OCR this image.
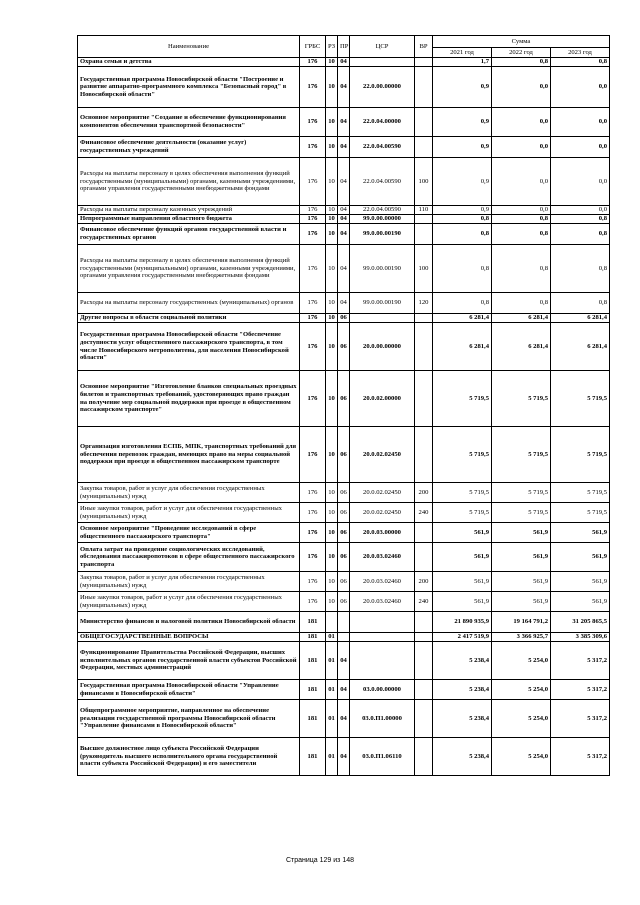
Наименование	ГРБС	РЗ	ПР	ЦСР	ВР	Сумма		
						2021 год	2022 год	2023 год
Охрана семьи и детства	176	10	04			1,7	0,8	0,8
Государственная программа Новосибирской области "Построение и развитие аппаратно-программного комплекса "Безопасный город" в Новосибирской области"	176	10	04	22.0.00.00000		0,9	0,0	0,0
Основное мероприятие "Создание и обеспечение функционирования компонентов обеспечения транспортной безопасности"	176	10	04	22.0.04.00000		0,9	0,0	0,0
Финансовое обеспечение деятельности (оказание услуг) государственных учреждений	176	10	04	22.0.04.00590		0,9	0,0	0,0
Расходы на выплаты персоналу в целях обеспечения выполнения функций государственными (муниципальными) органами, казенными учреждениями, органами управления государственными внебюджетными фондами	176	10	04	22.0.04.00590	100	0,9	0,0	0,0
Расходы на выплаты персоналу казенных учреждений	176	10	04	22.0.04.00590	110	0,9	0,0	0,0
Непрограммные направления областного бюджета	176	10	04	99.0.00.00000		0,8	0,8	0,8
Финансовое обеспечение функций органов государственной власти и государственных органов	176	10	04	99.0.00.00190		0,8	0,8	0,8
Расходы на выплаты персоналу в целях обеспечения выполнения функций государственными (муниципальными) органами, казенными учреждениями, органами управления государственными внебюджетными фондами	176	10	04	99.0.00.00190	100	0,8	0,8	0,8
Расходы на выплаты персоналу государственных (муниципальных) органов	176	10	04	99.0.00.00190	120	0,8	0,8	0,8
Другие вопросы в области социальной политики	176	10	06			6 281,4	6 281,4	6 281,4
Государственная программа Новосибирской области "Обеспечение доступности услуг общественного пассажирского транспорта, в том числе Новосибирского метрополитена, для населения Новосибирской области"	176	10	06	20.0.00.00000		6 281,4	6 281,4	6 281,4
Основное мероприятие "Изготовление бланков специальных проездных билетов и транспортных требований, удостоверяющих право граждан на получение мер социальной поддержки при проезде в общественном пассажирском транспорте"	176	10	06	20.0.02.00000		5 719,5	5 719,5	5 719,5
Организация изготовления ЕСПБ, МПК, транспортных требований для обеспечения перевозок граждан, имеющих право на меры социальной поддержки при проезде в общественном пассажирском транспорте	176	10	06	20.0.02.02450		5 719,5	5 719,5	5 719,5
Закупка товаров, работ и услуг для обеспечения государственных (муниципальных) нужд	176	10	06	20.0.02.02450	200	5 719,5	5 719,5	5 719,5
Иные закупки товаров, работ и услуг для обеспечения государственных (муниципальных) нужд	176	10	06	20.0.02.02450	240	5 719,5	5 719,5	5 719,5
Основное мероприятие "Проведение исследований в сфере общественного пассажирского транспорта"	176	10	06	20.0.03.00000		561,9	561,9	561,9
Оплата затрат на проведение социологических исследований, обследования пассажиропотоков в сфере общественного пассажирского транспорта	176	10	06	20.0.03.02460		561,9	561,9	561,9
Закупка товаров, работ и услуг для обеспечения государственных (муниципальных) нужд	176	10	06	20.0.03.02460	200	561,9	561,9	561,9
Иные закупки товаров, работ и услуг для обеспечения государственных (муниципальных) нужд	176	10	06	20.0.03.02460	240	561,9	561,9	561,9
Министерство финансов и налоговой политики Новосибирской области	181					21 890 935,9	19 164 791,2	31 205 865,5
ОБЩЕГОСУДАРСТВЕННЫЕ ВОПРОСЫ	181	01				2 417 519,9	3 366 925,7	3 385 309,6
Функционирование Правительства Российской Федерации, высших исполнительных органов государственной власти субъектов Российской Федерации, местных администраций	181	01	04			5 238,4	5 254,0	5 317,2
Государственная программа Новосибирской области "Управление финансами в Новосибирской области"	181	01	04	03.0.00.00000		5 238,4	5 254,0	5 317,2
Общепрограммное мероприятие, направленное на обеспечение реализации государственной программы Новосибирской области "Управление финансами в Новосибирской области"	181	01	04	03.0.П1.00000		5 238,4	5 254,0	5 317,2
Высшее должностное лицо субъекта Российской Федерации (руководитель высшего исполнительного органа государственной власти субъекта Российской Федерации) и его заместители	181	01	04	03.0.П1.06110		5 238,4	5 254,0	5 317,2
Страница 129 из 148
